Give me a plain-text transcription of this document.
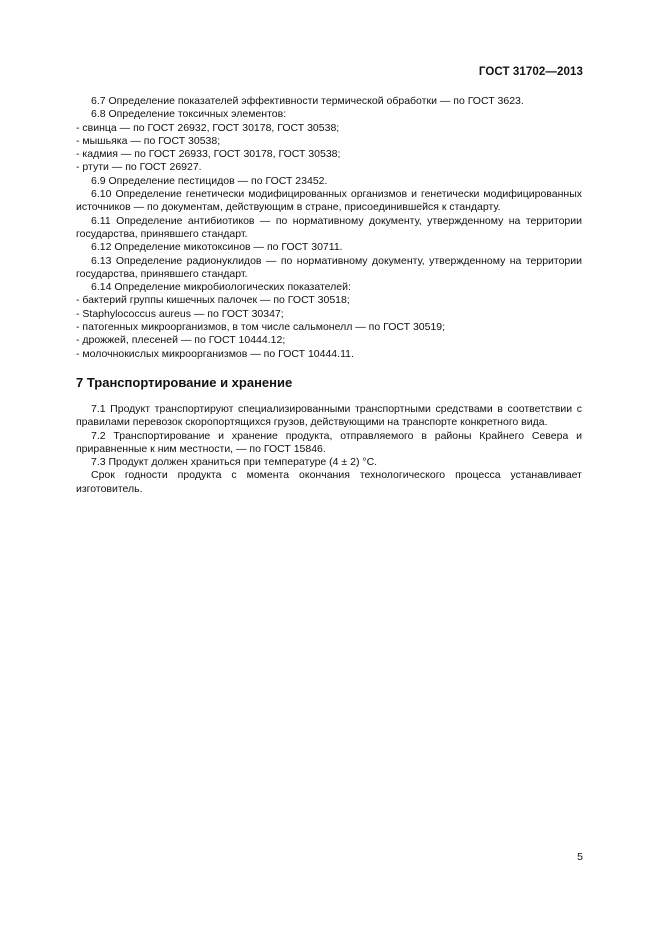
ГОСТ 31702—2013

6.7 Определение показателей эффективности термической обработки — по ГОСТ 3623.

6.8 Определение токсичных элементов:

- свинца — по ГОСТ 26932, ГОСТ 30178, ГОСТ 30538;

- мышьяка — по ГОСТ 30538;

- кадмия — по ГОСТ 26933, ГОСТ 30178, ГОСТ 30538;

- ртути — по ГОСТ 26927.

6.9 Определение пестицидов — по ГОСТ 23452.

6.10 Определение генетически модифицированных организмов и генетически модифицированных источников — по документам, действующим в стране, присоединившейся к стандарту.

6.11 Определение антибиотиков — по нормативному документу, утвержденному на территории государства, принявшего стандарт.

6.12 Определение микотоксинов — по ГОСТ 30711.

6.13 Определение радионуклидов — по нормативному документу, утвержденному на территории государства, принявшего стандарт.

6.14 Определение микробиологических показателей:

- бактерий группы кишечных палочек — по ГОСТ 30518;

- Staphylococcus aureus — по ГОСТ 30347;

- патогенных микроорганизмов, в том числе сальмонелл — по ГОСТ 30519;

- дрожжей, плесеней — по ГОСТ 10444.12;

- молочнокислых микроорганизмов — по ГОСТ 10444.11.

7 Транспортирование и хранение

7.1 Продукт транспортируют специализированными транспортными средствами в соответствии с правилами перевозок скоропортящихся грузов, действующими на транспорте конкретного вида.

7.2 Транспортирование и хранение продукта, отправляемого в районы Крайнего Севера и приравненные к ним местности, — по ГОСТ 15846.

7.3 Продукт должен храниться при температуре (4 ± 2) °С.

Срок годности продукта с момента окончания технологического процесса устанавливает изготовитель.

5
